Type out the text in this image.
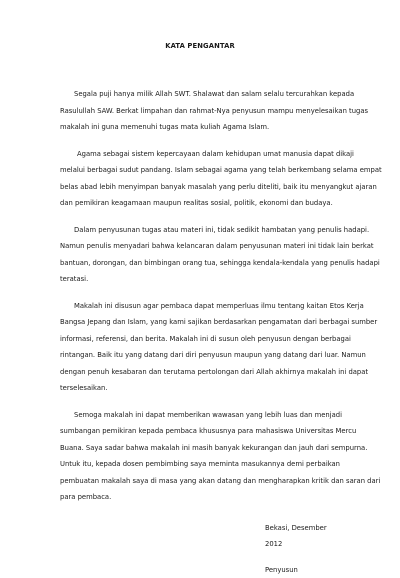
KATA PENGANTAR
Segala puji hanya milik Allah SWT. Shalawat dan salam selalu tercurahkan kepada
Rasulullah SAW. Berkat limpahan dan rahmat-Nya penyusun mampu menyelesaikan tugas
makalah ini guna memenuhi tugas mata kuliah Agama Islam.
Agama sebagai sistem kepercayaan dalam kehidupan umat manusia dapat dikaji
melalui berbagai sudut pandang. Islam sebagai agama yang telah berkembang selama empat
belas abad lebih menyimpan banyak masalah yang perlu diteliti, baik itu menyangkut ajaran
dan pemikiran keagamaan maupun realitas sosial, politik, ekonomi dan budaya.
Dalam penyusunan tugas atau materi ini, tidak sedikit hambatan yang penulis hadapi.
Namun penulis menyadari bahwa kelancaran dalam penyusunan materi ini tidak lain berkat
bantuan, dorongan, dan bimbingan orang tua, sehingga kendala-kendala yang penulis hadapi
teratasi.
Makalah ini disusun agar pembaca dapat memperluas ilmu tentang kaitan Etos Kerja
Bangsa Jepang dan Islam, yang kami sajikan berdasarkan pengamatan dari berbagai sumber
informasi, referensi, dan berita. Makalah ini di susun oleh penyusun dengan berbagai
rintangan. Baik itu yang datang dari diri penyusun maupun yang datang dari luar. Namun
dengan penuh kesabaran dan terutama pertolongan dari Allah akhirnya makalah ini dapat
terselesaikan.
Semoga makalah ini dapat memberikan wawasan yang lebih luas dan menjadi
sumbangan pemikiran kepada pembaca khususnya para mahasiswa Universitas Mercu
Buana. Saya sadar bahwa makalah ini masih banyak kekurangan dan jauh dari sempurna.
Untuk itu, kepada dosen pembimbing saya meminta masukannya demi perbaikan
pembuatan makalah saya di masa yang akan datang dan mengharapkan kritik dan saran dari
para pembaca.
Bekasi, Desember 2012
Penyusun
